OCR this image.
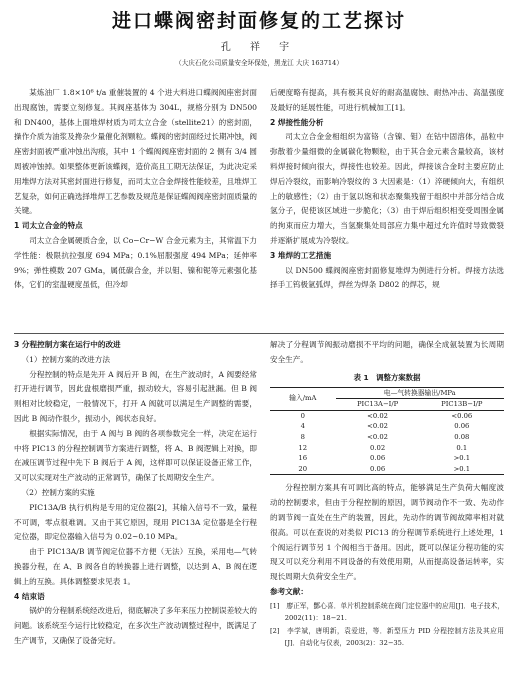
进口蝶阀密封面修复的工艺探讨
孔 祥 宇
（大庆石化公司质量安全环保处，黑龙江 大庆 163714）

某炼油厂 1.8×10⁶ t/a 重催装置的 4 个进大料进口蝶阀阀座密封面出现腐蚀，需要立刻修复。其阀座基体为 304L，规格分别为 DN500 和 DN400，基体上面堆焊材质为司太立合金（stellite21）的密封面，操作介质为油浆及搀杂少量催化剂颗粒。蝶阀的密封面经过长期冲蚀，阀座密封面被严重冲蚀出沟痕，其中 1 个蝶阀阀座密封面的 2 侧有 3/4 圆周被冲蚀掉。如果整体更新该蝶阀，造价高且工期无法保证，为此决定采用堆焊方法对其密封面进行修复，而司太立合金焊接性能较差，且堆焊工艺复杂，如何正确选择堆焊工艺参数及规范是保证蝶阀阀座密封面质量的关键。

1 司太立合金的特点

司太立合金属硬质合金，以 Co−Cr−W 合金元素为主，其常温下力学性能：极限抗拉强度 694 MPa；0.1%屈服强度 494 MPa；延伸率 9%；弹性模数 207 GMa，属低碳合金，并以钼、镍和铌等元素强化基体，它们的室温硬度虽低，但冷却

后硬度略有提高，具有极其良好的耐高温腐蚀、耐热冲击、高温强度及最好的延展性能，可进行机械加工[1]。

2 焊接性能分析

司太立合金金相组织为富铬（含镍、钼）在钴中固溶体，晶粒中弥散着少量细微的金属碳化物颗粒，由于其合金元素含量较高，该材料焊接时倾向很大，焊接性也较差。因此，焊接该合金时主要应防止焊后冷裂纹，而影响冷裂纹的 3 大因素是：（1）淬硬倾向大，有组织上的敏感性；（2）由于氢以饱和状态聚集残留于组织中并部分结合成氢分子，促使该区域进一步脆化；（3）由于焊后组织相变受周围金属的拘束而应力增大，当氢聚集处局部应力集中超过允许值时导致微裂并逐渐扩展成为冷裂纹。

3 堆焊的工艺措施

以 DN500 蝶阀阀座密封面修复堆焊为例进行分析。焊接方法选择手工钨极氩弧焊，焊丝为焊条 D802 的焊芯，规

3 分程控制方案在运行中的改进
（1）控制方案的改进方法

分程控制的特点是先开 A 阀后开 B 阀，在生产波动时，A 阀要经常打开进行调节，因此盘根磨损严重，振动较大，容易引起泄漏。但 B 阀则相对比较稳定，一般情况下，打开 A 阀就可以满足生产调整的需要，因此 B 阀动作很少，振动小，阀状态良好。

根据实际情况，由于 A 阀与 B 阀的各项参数完全一样，决定在运行中将 PIC13 的分程控制调节方案进行调整，将 A、B 阀逻辑上对换，即在减压调节过程中先下 B 阀后于 A 阀，这样即可以保证设备正常工作，又可以实现对生产波动的正常调节，确保了长周期安全生产。

（2）控制方案的实施

PIC13A/B 执行机构是专用的定位器[2]，其输入信号不一致，量程不可调，零点很难调。又由于其它原因，现用 PIC13A 定位器是全行程定位器，即定位器输入信号为 0.02~0.10 MPa。

由于 PIC13A/B 调节阀定位器不方便（无法）互换，采用电—气转换器分程，在 A、B 阀各自的转换器上进行调整，以达到 A、B 阀在逻辑上的互换。具体调整要求见表 1。

4 结束语

锅炉的分程制系统经改进后，彻底解决了多年来压力控制误差较大的问题。该系统至今运行比较稳定，在多次生产波动调整过程中，既满足了生产调节，又确保了设备完好。

解决了分程调节阀振动磨损不平均的问题，确保全成氨装置为长周期安全生产。

表 1　调整方案数据
输入/mA	电—气转换器输出/MPa	
	PIC13A−I/P	PIC13B−I/P
0	<0.02	<0.06
4	<0.02	0.06
8	<0.02	0.08
12	0.02	0.1
16	0.06	>0.1
20	0.06	>0.1

分程控制方案具有可调比高的特点，能够满足生产负荷大幅度波动的控制要求，但由于分程控制的原因，调节阀动作不一致、先动作的调节阀一直处在生产的装置，因此，先动作的调节阀故障率相对就很高。可以在查说的对类似 PIC13 的分程调节系统进行上述处理，1 个阀运行调节另 1 个阀相当于备用。因此，既可以保证分程功能的实现又可以充分利用不同设备的有效使用期，从而提高设备运转率，实现长周期大负荷安全生产。

参考文献：
[1]　廖正军，酆心喜．单片机控制系统在阀门定位器中的应用[J]．电子技术，2002(11)：18−21.
[2]　李学斌，唐明新，袁爱进，等．新型压力 PID 分程控制方法及其应用[J]．自动化与仪表，2003(2)：32−35.
